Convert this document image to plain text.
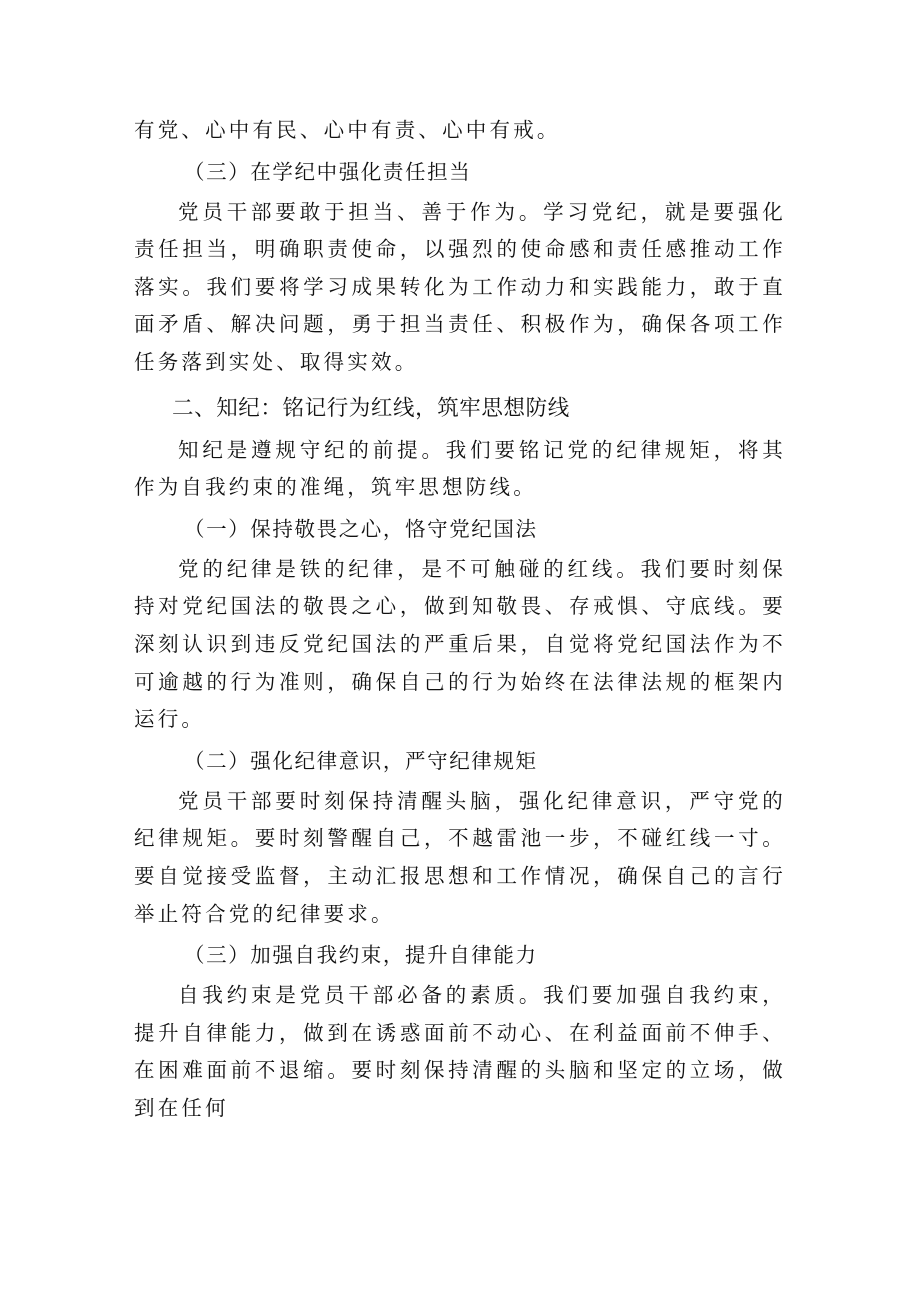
有党、心中有民、心中有责、心中有戒。

（三）在学纪中强化责任担当

党员干部要敢于担当、善于作为。学习党纪，就是要强化责任担当，明确职责使命，以强烈的使命感和责任感推动工作落实。我们要将学习成果转化为工作动力和实践能力，敢于直面矛盾、解决问题，勇于担当责任、积极作为，确保各项工作任务落到实处、取得实效。

二、知纪：铭记行为红线，筑牢思想防线

知纪是遵规守纪的前提。我们要铭记党的纪律规矩，将其作为自我约束的准绳，筑牢思想防线。

（一）保持敬畏之心，恪守党纪国法

党的纪律是铁的纪律，是不可触碰的红线。我们要时刻保持对党纪国法的敬畏之心，做到知敬畏、存戒惧、守底线。要深刻认识到违反党纪国法的严重后果，自觉将党纪国法作为不可逾越的行为准则，确保自己的行为始终在法律法规的框架内运行。

（二）强化纪律意识，严守纪律规矩

党员干部要时刻保持清醒头脑，强化纪律意识，严守党的纪律规矩。要时刻警醒自己，不越雷池一步，不碰红线一寸。要自觉接受监督，主动汇报思想和工作情况，确保自己的言行举止符合党的纪律要求。

（三）加强自我约束，提升自律能力

自我约束是党员干部必备的素质。我们要加强自我约束，提升自律能力，做到在诱惑面前不动心、在利益面前不伸手、在困难面前不退缩。要时刻保持清醒的头脑和坚定的立场，做到在任何
